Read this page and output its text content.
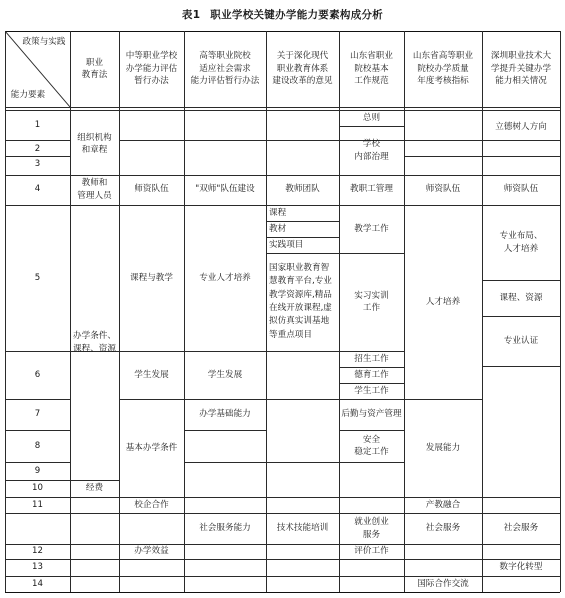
表1 职业学校关键办学能力要素构成分析
政策与实践
能力要素
职业
教育法
中等职业学校
办学能力评估
暂行办法
高等职业院校
适应社会需求
能力评估暂行办法
关于深化现代
职业教育体系
建设改革的意见
山东省职业
院校基本
工作规范
山东省高等职业
院校办学质量
年度考核指标
深圳职业技术大
学提升关键办学
能力相关情况
1
2
3
4
5
6
7
8
9
10
11
12
13
14
组织机构
和章程
教师和
管理人员
办学条件、
课程、资源
经费
师资队伍
课程与教学
学生发展
基本办学条件
校企合作
办学效益
"双师"队伍建设
专业人才培养
学生发展
办学基础能力
社会服务能力
教师团队
课程
教材
实践项目
国家职业教育智
慧教育平台,专业
教学资源库,精品
在线开放课程,虚
拟仿真实训基地
等重点项目
技术技能培训
总则
学校
内部治理
教职工管理
教学工作
实习实训
工作
招生工作
德育工作
学生工作
后勤与资产管理
安全
稳定工作
就业创业
服务
评价工作
师资队伍
人才培养
发展能力
产教融合
社会服务
国际合作交流
立德树人方向
师资队伍
专业布局、
人才培养
课程、资源
专业认证
社会服务
数字化转型
